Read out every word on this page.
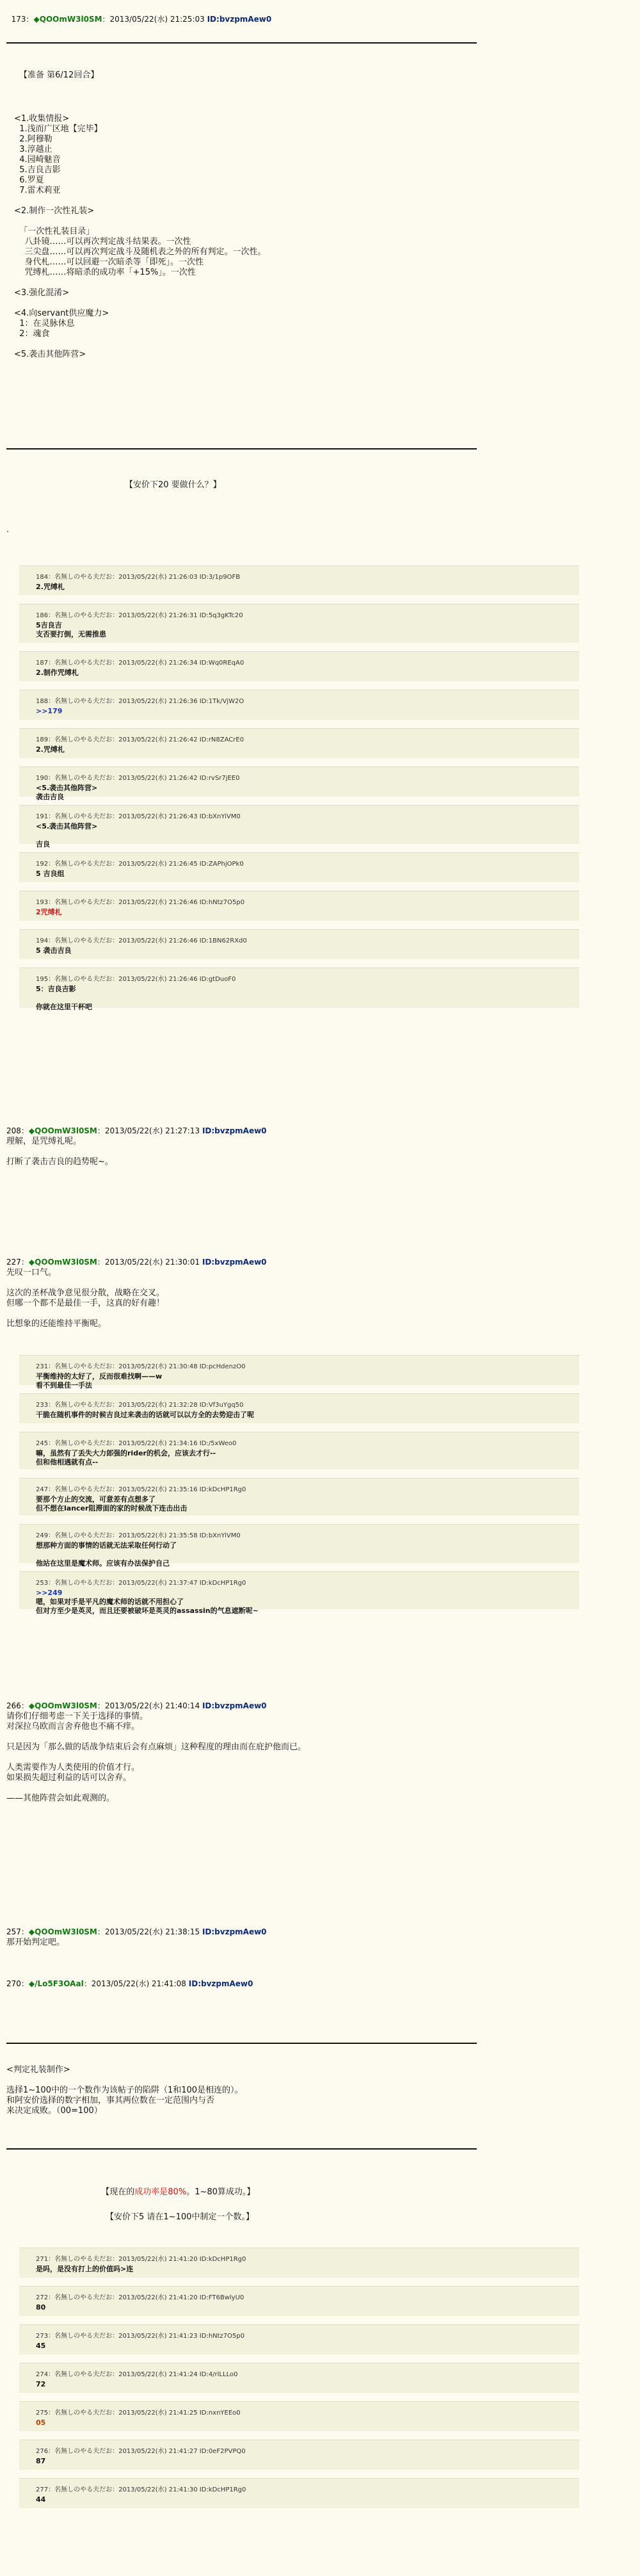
173：◆QOOmW3l0SM：2013/05/22(水) 21:25:03 ID:bvzpmAew0

【准备 第6/12回合】
<1.收集情报>
1.浅而广区地【完毕】
2.阿穆勒
3.淳越止
4.园崎魅音
5.吉良吉影
6.罗夏
7.雷术莉亚
<2.制作一次性礼装>
「一次性礼装目录」
八卦镜……可以再次判定战斗结果表。一次性
三尖盘……可以再次判定战斗及随机表之外的所有判定。一次性。
身代札……可以回避一次暗杀等「即死」。一次性
咒缚札……将暗杀的成功率「+15%」。一次性
<3.强化混淆>
<4.向servant供应魔力>
1：在灵脉休息
2：魂食
<5.袭击其他阵营>
【安价下20 要做什么？】
.
184：名無しのやる夫だお：2013/05/22(水) 21:26:03 ID:3/1p9OFB
2.咒缚札
186：名無しのやる夫だお：2013/05/22(水) 21:26:31 ID:5q3gKTc20
5吉良吉
支否要打倒，无需推患
187：名無しのやる夫だお：2013/05/22(水) 21:26:34 ID:Wq0REqA0
2.制作咒缚札
188：名無しのやる夫だお：2013/05/22(水) 21:26:36 ID:1Tk/VjW2O
>>179
189：名無しのやる夫だお：2013/05/22(水) 21:26:42 ID:rN8ZACrE0
2.咒缚札
190：名無しのやる夫だお：2013/05/22(水) 21:26:42 ID:rvSr7jEE0
<5.袭击其他阵营>
袭击吉良
191：名無しのやる夫だお：2013/05/22(水) 21:26:43 ID:bXnYiVM0
<5.袭击其他阵营>
吉良
192：名無しのやる夫だお：2013/05/22(水) 21:26:45 ID:ZAPhjOPk0
5 吉良组
193：名無しのやる夫だお：2013/05/22(水) 21:26:46 ID:hNtz7O5p0
2咒缚札
194：名無しのやる夫だお：2013/05/22(水) 21:26:46 ID:1BN62RXd0
5 袭击吉良
195：名無しのやる夫だお：2013/05/22(水) 21:26:46 ID:gtDuoF0
5：吉良吉影
你就在这里干杯吧
208：◆QOOmW3l0SM：2013/05/22(水) 21:27:13 ID:bvzpmAew0
理解，是咒缚礼呢。
打断了袭击吉良的趋势呢~。
227：◆QOOmW3l0SM：2013/05/22(水) 21:30:01 ID:bvzpmAew0
先叹一口气。
这次的圣杯战争意见很分散，战略在交叉。
但哪一个都不是最佳一手，这真的好有趣！
比想象的还能维持平衡呢。
231：名無しのやる夫だお：2013/05/22(水) 21:30:48 ID:pcHdenzO0
平衡维持的太好了，反而很难找啊——w
看不到最佳一手法
233：名無しのやる夫だお：2013/05/22(水) 21:32:28 ID:Vf3uYgq50
干脆在随机事件的时候吉良过来袭击的话就可以以方全的去势迎击了呢
245：名無しのやる夫だお：2013/05/22(水) 21:34:16 ID:/5xWeo0
嘛，虽然有了丢失大力郎强的rider的机会，应该去才行--
但和他相遇就有点--
247：名無しのやる夫だお：2013/05/22(水) 21:35:16 ID:kDcHP1Rg0
要那个方止的交流，可意差有点想多了
但不想在lancer阻滞面的家的时候战下连击出击
249：名無しのやる夫だお：2013/05/22(水) 21:35:58 ID:bXnYiVM0
想那种方面的事情的话就无法采取任何行动了
他站在这里是魔术师。应该有办法保护自己
253：名無しのやる夫だお：2013/05/22(水) 21:37:47 ID:kDcHP1Rg0
>>249
嗯，如果对手是平凡的魔术师的话就不用担心了
但对方至少是英灵，而且还要被破坏是英灵的assassin的气息遮断呢~
266：◆QOOmW3l0SM：2013/05/22(水) 21:40:14 ID:bvzpmAew0
请你们仔细考虑一下关于选择的事情。
对深拉乌欧而言舍弃他也不痛不痒。
只是因为「那么做的话战争结束后会有点麻烦」这种程度的理由而在庇护他而已。
人类需要作为人类使用的价值才行。
如果损失超过利益的话可以舍弃。
——其他阵营会如此观测的。
257：◆QOOmW3l0SM：2013/05/22(水) 21:38:15 ID:bvzpmAew0
那开始判定吧。
270：◆/Lo5F3OAal：2013/05/22(水) 21:41:08 ID:bvzpmAew0
<判定礼装制作>
选择1~100中的一个数作为该帖子的陷阱（1和100是相连的）。
和阿安价选择的数字相加，事其两位数在一定范围内与否
来决定成败。（00=100）

【现在的成功率是80%。1~80算成功。】

【安价下5 请在1~100中制定一个数。】
271：名無しのやる夫だお：2013/05/22(水) 21:41:20 ID:kDcHP1Rg0
是吗，是没有打上的价值吗>连
272：名無しのやる夫だお：2013/05/22(水) 21:41:20 ID:FT6BwlyU0
80
273：名無しのやる夫だお：2013/05/22(水) 21:41:23 ID:hNtz7O5p0
45
274：名無しのやる夫だお：2013/05/22(水) 21:41:24 ID:4/rlLLLo0
72
275：名無しのやる夫だお：2013/05/22(水) 21:41:25 ID:nxnYEEo0
05
276：名無しのやる夫だお：2013/05/22(水) 21:41:27 ID:0eF2PVPQ0
87
277：名無しのやる夫だお：2013/05/22(水) 21:41:30 ID:kDcHP1Rg0
44
